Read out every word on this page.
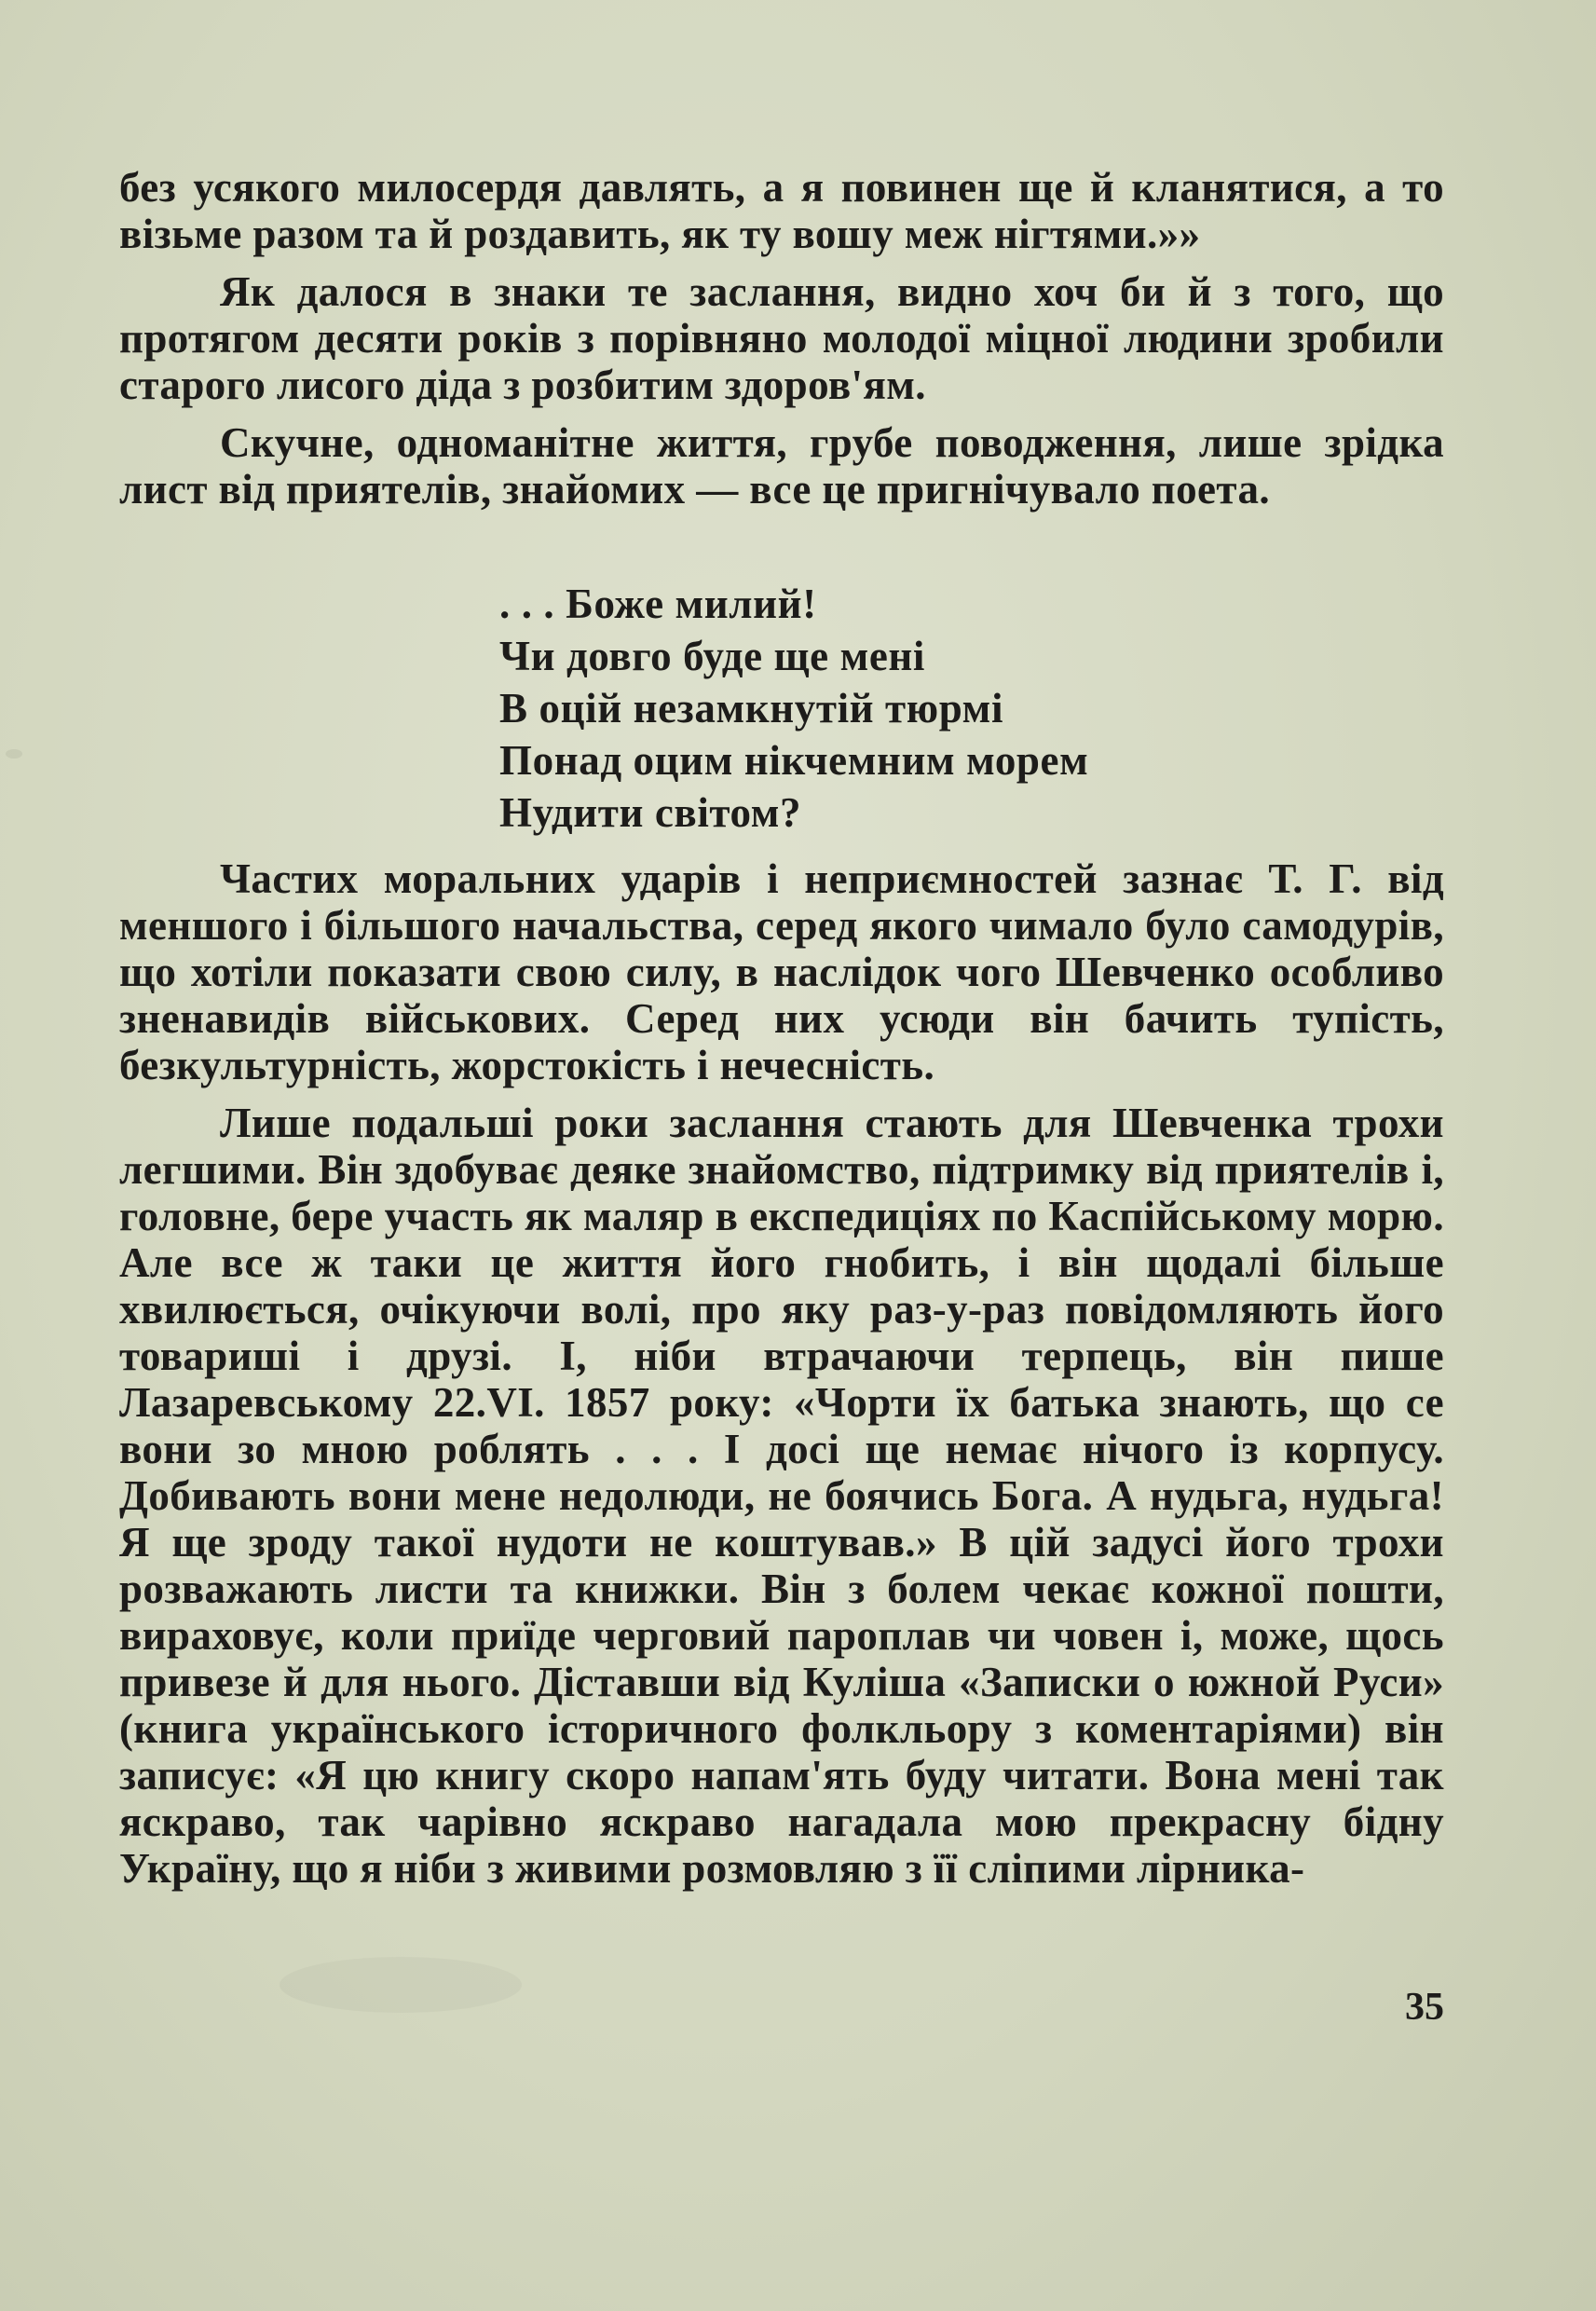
без усякого милосердя давлять, а я повинен ще й кланятися, а то візьме разом та й роздавить, як ту вошу меж нігтями.»»

Як далося в знаки те заслання, видно хоч би й з того, що протягом десяти років з порівняно молодої міцної людини зробили старого лисого діда з розбитим здоров'ям.

Скучне, одноманітне життя, грубе поводження, лише зрідка лист від приятелів, знайомих — все це пригнічувало поета.

. . . Боже милий!
Чи довго буде ще мені
В оцій незамкнутій тюрмі
Понад оцим нікчемним морем
Нудити світом?

Частих моральних ударів і неприємностей зазнає Т. Г. від меншого і більшого начальства, серед якого чимало було самодурів, що хотіли показати свою силу, в наслідок чого Шевченко особливо зненавидів військових. Серед них усюди він бачить тупість, безкультурність, жорстокість і нечесність.

Лише подальші роки заслання стають для Шевченка трохи легшими. Він здобуває деяке знайомство, підтримку від приятелів і, головне, бере участь як маляр в експедиціях по Каспійському морю. Але все ж таки це життя його гнобить, і він щодалі більше хвилюється, очікуючи волі, про яку раз-у-раз повідомляють його товариші і друзі. І, ніби втрачаючи терпець, він пише Лазаревському 22.VI. 1857 року: «Чорти їх батька знають, що се вони зо мною роблять . . . І досі ще немає нічого із корпусу. Добивають вони мене недолюди, не боячись Бога. А нудьга, нудьга! Я ще зроду такої нудоти не коштував.» В цій задусі його трохи розважають листи та книжки. Він з болем чекає кожної пошти, вираховує, коли приїде черговий пароплав чи човен і, може, щось привезе й для нього. Діставши від Куліша «Записки о южной Руси» (книга українського історичного фолкльору з коментаріями) він записує: «Я цю книгу скоро напам'ять буду читати. Вона мені так яскраво, так чарівно яскраво нагадала мою прекрасну бідну Україну, що я ніби з живими розмовляю з її сліпими лірника-

35
